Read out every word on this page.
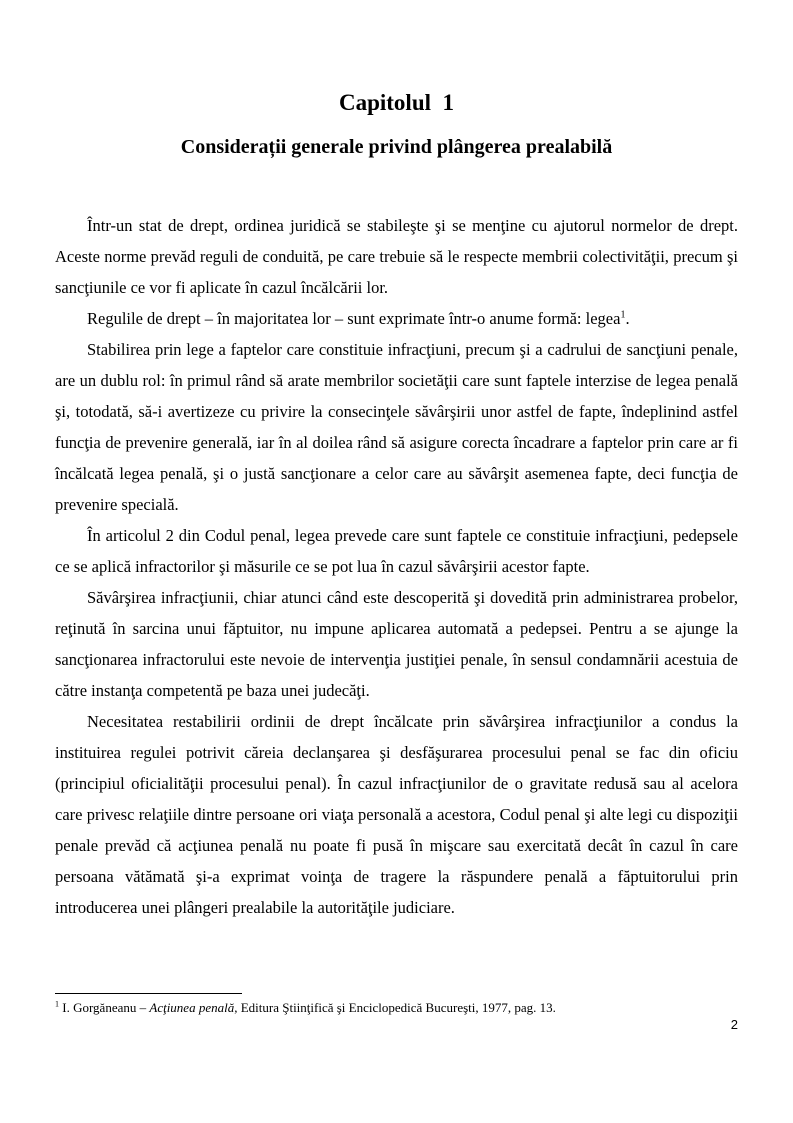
Capitolul  1
Considerații generale privind plângerea prealabilă

Într-un stat de drept, ordinea juridică se stabileşte şi se menţine cu ajutorul normelor de drept. Aceste norme prevăd reguli de conduită, pe care trebuie să le respecte membrii colectivităţii, precum şi sancţiunile ce vor fi aplicate în cazul încălcării lor.

Regulile de drept – în majoritatea lor – sunt exprimate într-o anume formă: legea$^1$.

Stabilirea prin lege a faptelor care constituie infracţiuni, precum şi a cadrului de sancţiuni penale, are un dublu rol: în primul rând să arate membrilor societăţii care sunt faptele interzise de legea penală şi, totodată, să-i avertizeze cu privire la consecinţele săvârşirii unor astfel de fapte, îndeplinind astfel funcţia de prevenire generală, iar în al doilea rând să asigure corecta încadrare a faptelor prin care ar fi încălcată legea penală, şi o justă sancţionare a celor care au săvârşit asemenea fapte, deci funcţia de prevenire specială.

În articolul 2 din Codul penal, legea prevede care sunt faptele ce constituie infracţiuni, pedepsele ce se aplică infractorilor şi măsurile ce se pot lua în cazul săvârşirii acestor fapte.

Săvârşirea infracţiunii, chiar atunci când este descoperită şi dovedită prin administrarea probelor, reţinută în sarcina unui făptuitor, nu impune aplicarea automată a pedepsei. Pentru a se ajunge la sancţionarea infractorului este nevoie de intervenţia justiţiei penale, în sensul condamnării acestuia de către instanţa competentă pe baza unei judecăţi.

Necesitatea restabilirii ordinii de drept încălcate prin săvârşirea infracţiunilor a condus la instituirea regulei potrivit căreia declanşarea şi desfăşurarea procesului penal se fac din oficiu (principiul oficialităţii procesului penal). În cazul infracţiunilor de o gravitate redusă sau al acelora care privesc relaţiile dintre persoane ori viaţa personală a acestora, Codul penal şi alte legi cu dispoziţii penale prevăd că acţiunea penală nu poate fi pusă în mişcare sau exercitată decât în cazul în care persoana vătămată şi-a exprimat voinţa de tragere la răspundere penală a făptuitorului prin introducerea unei plângeri prealabile la autorităţile judiciare.

$^1$ I. Gorgăneanu – Acţiunea penală, Editura Ştiinţifică şi Enciclopedică Bucureşti, 1977, pag. 13.
2
